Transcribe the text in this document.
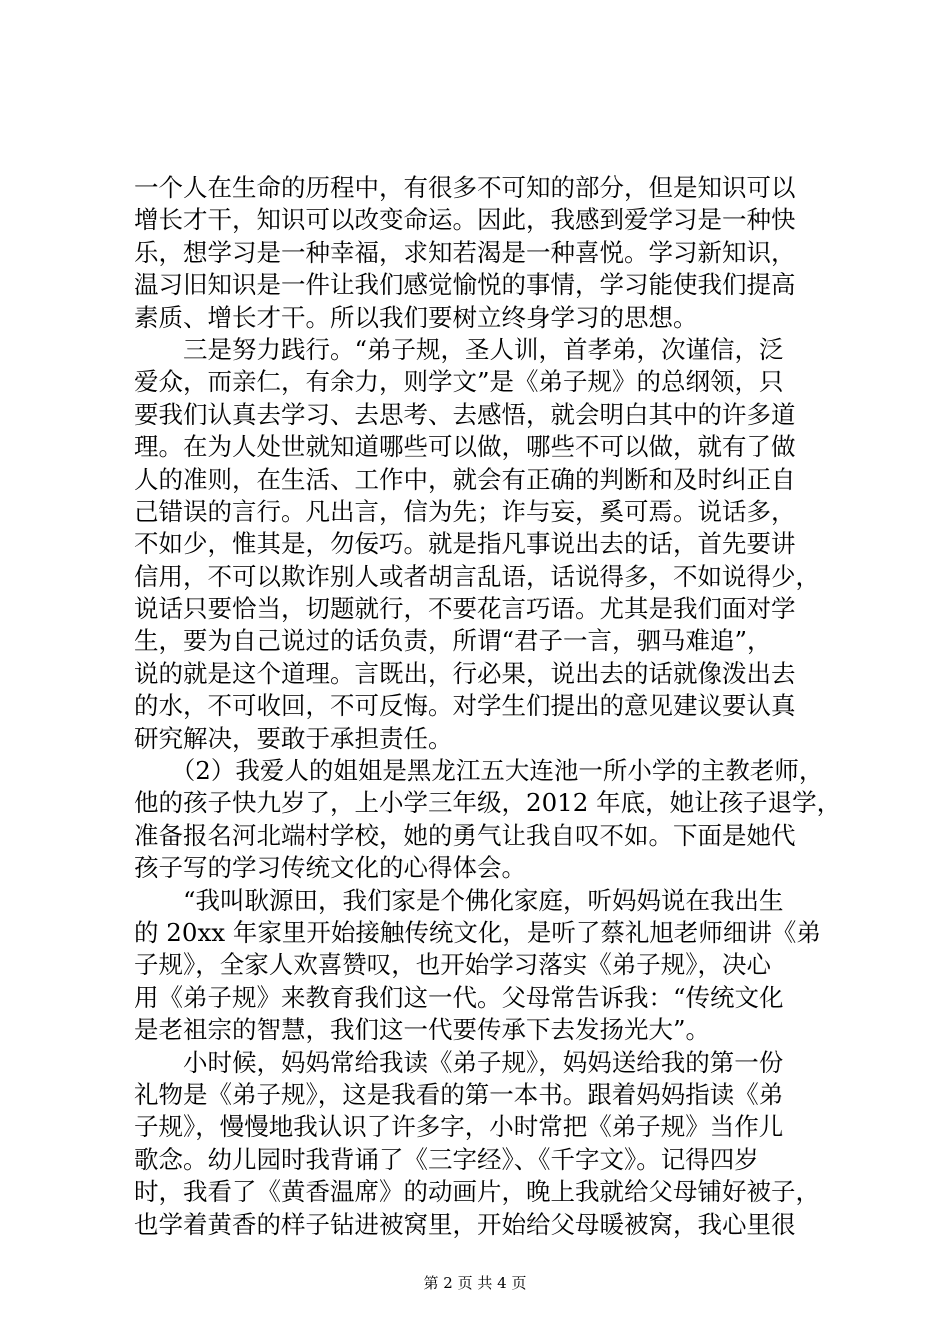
一个人在生命的历程中，有很多不可知的部分，但是知识可以
增长才干，知识可以改变命运。因此，我感到爱学习是一种快
乐，想学习是一种幸福，求知若渴是一种喜悦。学习新知识，
温习旧知识是一件让我们感觉愉悦的事情，学习能使我们提高
素质、增长才干。所以我们要树立终身学习的思想。
　　三是努力践行。“弟子规，圣人训，首孝弟，次谨信，泛
爱众，而亲仁，有余力，则学文”是《弟子规》的总纲领，只
要我们认真去学习、去思考、去感悟，就会明白其中的许多道
理。在为人处世就知道哪些可以做，哪些不可以做，就有了做
人的准则，在生活、工作中，就会有正确的判断和及时纠正自
己错误的言行。凡出言，信为先；诈与妄，奚可焉。说话多，
不如少，惟其是，勿佞巧。就是指凡事说出去的话，首先要讲
信用，不可以欺诈别人或者胡言乱语，话说得多，不如说得少，
说话只要恰当，切题就行，不要花言巧语。尤其是我们面对学
生，要为自己说过的话负责，所谓“君子一言，驷马难追”，
说的就是这个道理。言既出，行必果，说出去的话就像泼出去
的水，不可收回，不可反悔。对学生们提出的意见建议要认真
研究解决，要敢于承担责任。
　　（2）我爱人的姐姐是黑龙江五大连池一所小学的主教老师，
他的孩子快九岁了，上小学三年级，2012 年底，她让孩子退学，
准备报名河北端村学校，她的勇气让我自叹不如。下面是她代
孩子写的学习传统文化的心得体会。
　　“我叫耿源田，我们家是个佛化家庭，听妈妈说在我出生
的 20xx 年家里开始接触传统文化，是听了蔡礼旭老师细讲《弟
子规》，全家人欢喜赞叹，也开始学习落实《弟子规》，决心
用《弟子规》来教育我们这一代。父母常告诉我：“传统文化
是老祖宗的智慧，我们这一代要传承下去发扬光大”。
　　小时候，妈妈常给我读《弟子规》，妈妈送给我的第一份
礼物是《弟子规》，这是我看的第一本书。跟着妈妈指读《弟
子规》，慢慢地我认识了许多字，小时常把《弟子规》当作儿
歌念。幼儿园时我背诵了《三字经》、《千字文》。记得四岁
时，我看了《黄香温席》的动画片，晚上我就给父母铺好被子，
也学着黄香的样子钻进被窝里，开始给父母暖被窝，我心里很
第 2 页 共 4 页
